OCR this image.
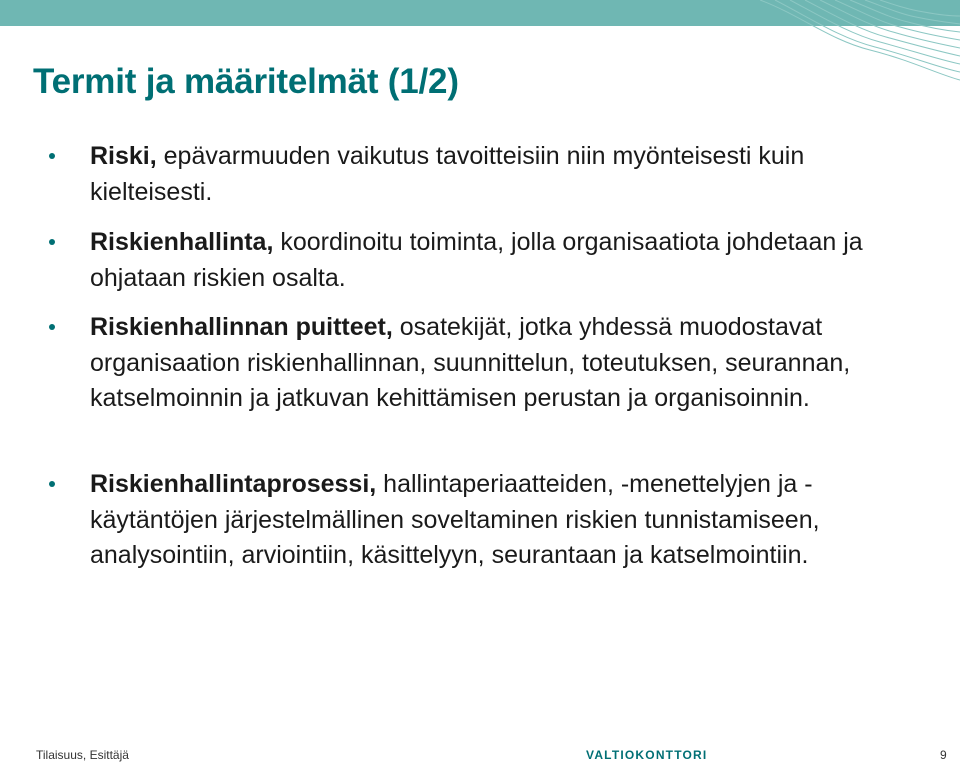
Termit ja määritelmät (1/2)
Riski, epävarmuuden vaikutus tavoitteisiin niin myönteisesti kuin kielteisesti.
Riskienhallinta, koordinoitu toiminta, jolla organisaatiota johdetaan ja ohjataan riskien osalta.
Riskienhallinnan puitteet, osatekijät, jotka yhdessä muodostavat organisaation riskienhallinnan, suunnittelun, toteutuksen, seurannan, katselmoinnin ja jatkuvan kehittämisen perustan ja organisoinnin.
Riskienhallintaprosessi, hallintaperiaatteiden, -menettelyjen ja -käytäntöjen järjestelmällinen soveltaminen riskien tunnistamiseen, analysointiin, arviointiin, käsittelyyn, seurantaan ja katselmointiin.
Tilaisuus, Esittäjä	VALTIOKONTTORI	9
